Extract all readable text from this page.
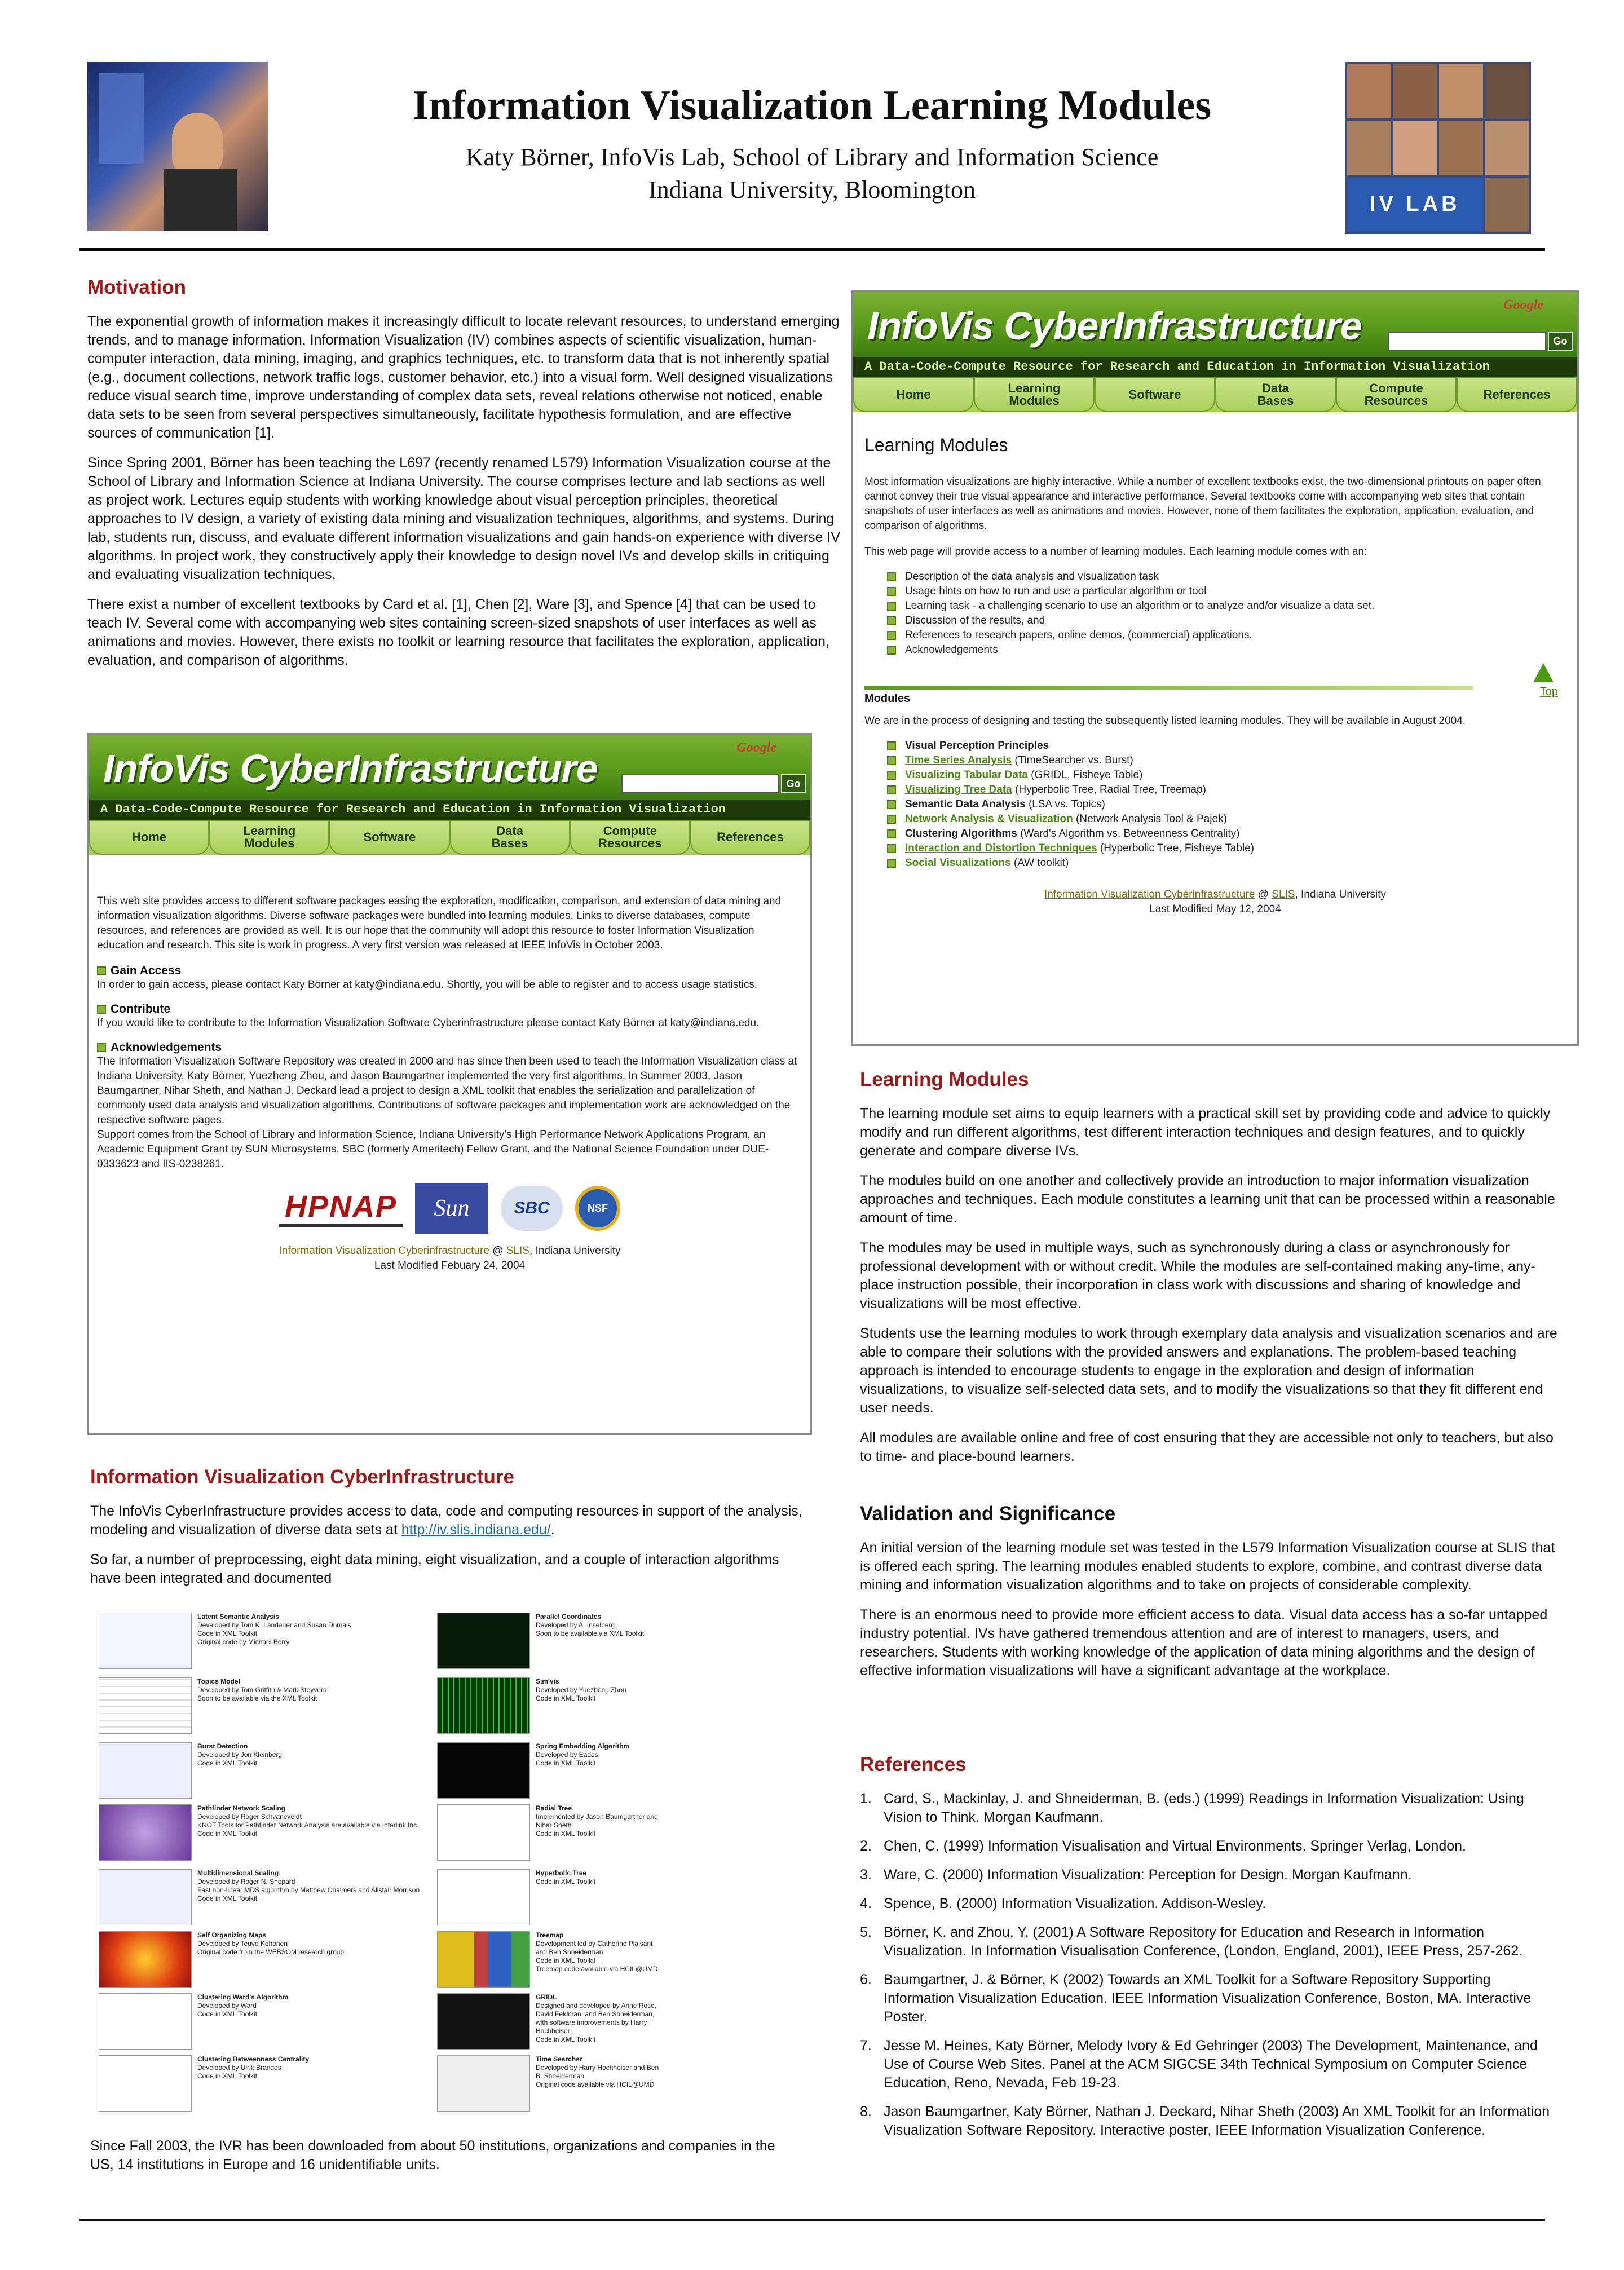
Information Visualization Learning Modules
Katy Börner, InfoVis Lab, School of Library and Information Science
Indiana University, Bloomington
IV LAB
Motivation

The exponential growth of information makes it increasingly difficult to locate relevant resources, to understand emerging trends, and to manage information. Information Visualization (IV) combines aspects of scientific visualization, human-computer interaction, data mining, imaging, and graphics techniques, etc. to transform data that is not inherently spatial (e.g., document collections, network traffic logs, customer behavior, etc.) into a visual form. Well designed visualizations reduce visual search time, improve understanding of complex data sets, reveal relations otherwise not noticed, enable data sets to be seen from several perspectives simultaneously, facilitate hypothesis formulation, and are effective sources of communication [1].

Since Spring 2001, Börner has been teaching the L697 (recently renamed L579) Information Visualization course at the School of Library and Information Science at Indiana University. The course comprises lecture and lab sections as well as project work. Lectures equip students with working knowledge about visual perception principles, theoretical approaches to IV design, a variety of existing data mining and visualization techniques, algorithms, and systems. During lab, students run, discuss, and evaluate different information visualizations and gain hands-on experience with diverse IV algorithms. In project work, they constructively apply their knowledge to design novel IVs and develop skills in critiquing and evaluating visualization techniques.

There exist a number of excellent textbooks by Card et al. [1], Chen [2], Ware [3], and Spence [4] that can be used to teach IV. Several come with accompanying web sites containing screen-sized snapshots of user interfaces as well as animations and movies. However, there exists no toolkit or learning resource that facilitates the exploration, application, evaluation, and comparison of algorithms.

InfoVis CyberInfrastructure	Google
Go
A Data-Code-Compute Resource for Research and Education in Information Visualization
Home	Learning
Modules	Software	Data
Bases
Compute
Resources	References
Learning Modules
Most information visualizations are highly interactive. While a number of excellent textbooks exist, the two-dimensional printouts on paper often cannot convey their true visual appearance and interactive performance. Several textbooks come with accompanying web sites that contain snapshots of user interfaces as well as animations and movies. However, none of them facilitates the exploration, application, evaluation, and comparison of algorithms.
This web page will provide access to a number of learning modules. Each learning module comes with an:
Description of the data analysis and visualization task
Usage hints on how to run and use a particular algorithm or tool
Learning task - a challenging scenario to use an algorithm or to analyze and/or visualize a data set.
Discussion of the results, and
References to research papers, online demos, (commercial) applications.
Acknowledgements
Top
Modules
We are in the process of designing and testing the subsequently listed learning modules. They will be available in August 2004.
Visual Perception Principles
Time Series Analysis (TimeSearcher vs. Burst)
Visualizing Tabular Data (GRIDL, Fisheye Table)
Visualizing Tree Data (Hyperbolic Tree, Radial Tree, Treemap)
Semantic Data Analysis (LSA vs. Topics)
Network Analysis & Visualization (Network Analysis Tool & Pajek)
Clustering Algorithms (Ward's Algorithm vs. Betweenness Centrality)
Interaction and Distortion Techniques (Hyperbolic Tree, Fisheye Table)
Social Visualizations (AW toolkit)
Information Visualization Cyberinfrastructure @ SLIS, Indiana University
Last Modified May 12, 2004
InfoVis CyberInfrastructure	Google
Go
A Data-Code-Compute Resource for Research and Education in Information Visualization
Home	Learning
Modules	Software	Data
Bases
Compute
Resources	References
This web site provides access to different software packages easing the exploration, modification, comparison, and extension of data mining and information visualization algorithms. Diverse software packages were bundled into learning modules. Links to diverse databases, compute resources, and references are provided as well. It is our hope that the community will adopt this resource to foster Information Visualization education and research. This site is work in progress. A very first version was released at IEEE InfoVis in October 2003.
Gain Access
In order to gain access, please contact Katy Börner at katy@indiana.edu. Shortly, you will be able to register and to access usage statistics.
Contribute
If you would like to contribute to the Information Visualization Software Cyberinfrastructure please contact Katy Börner at katy@indiana.edu.
Acknowledgements
The Information Visualization Software Repository was created in 2000 and has since then been used to teach the Information Visualization class at Indiana University. Katy Börner, Yuezheng Zhou, and Jason Baumgartner implemented the very first algorithms. In Summer 2003, Jason Baumgartner, Nihar Sheth, and Nathan J. Deckard lead a project to design a XML toolkit that enables the serialization and parallelization of commonly used data analysis and visualization algorithms. Contributions of software packages and implementation work are acknowledged on the respective software pages.
Support comes from the School of Library and Information Science, Indiana University's High Performance Network Applications Program, an Academic Equipment Grant by SUN Microsystems, SBC (formerly Ameritech) Fellow Grant, and the National Science Foundation under DUE-0333623 and IIS-0238261.
HPNAP	Sun	SBC	NSF
Information Visualization Cyberinfrastructure @ SLIS, Indiana University
Last Modified Febuary 24, 2004
Learning Modules

The learning module set aims to equip learners with a practical skill set by providing code and advice to quickly modify and run different algorithms, test different interaction techniques and design features, and to quickly generate and compare diverse IVs.

The modules build on one another and collectively provide an introduction to major information visualization approaches and techniques. Each module constitutes a learning unit that can be processed within a reasonable amount of time.

The modules may be used in multiple ways, such as synchronously during a class or asynchronously for professional development with or without credit. While the modules are self-contained making any-time, any-place instruction possible, their incorporation in class work with discussions and sharing of knowledge and visualizations will be most effective.

Students use the learning modules to work through exemplary data analysis and visualization scenarios and are able to compare their solutions with the provided answers and explanations. The problem-based teaching approach is intended to encourage students to engage in the exploration and design of information visualizations, to visualize self-selected data sets, and to modify the visualizations so that they fit different end user needs.

All modules are available online and free of cost ensuring that they are accessible not only to teachers, but also to time- and place-bound learners.

Information Visualization CyberInfrastructure

The InfoVis CyberInfrastructure provides access to data, code and computing resources in support of the analysis, modeling and visualization of diverse data sets at http://iv.slis.indiana.edu/.

So far, a number of preprocessing, eight data mining, eight visualization, and a couple of interaction algorithms have been integrated and documented

Latent Semantic Analysis
Developed by Tom K. Landauer and Susan Dumais
Code in XML Toolkit
Original code by Michael Berry
Topics Model
Developed by Tom Griffith & Mark Steyvers
Soon to be available via the XML Toolkit
Burst Detection
Developed by Jon Kleinberg
Code in XML Toolkit
Pathfinder Network Scaling
Developed by Roger Schvaneveldt
KNOT Tools for Pathfinder Network Analysis are available via Interlink Inc.
Code in XML Toolkit
Multidimensional Scaling
Developed by Roger N. Shepard
Fast non-linear MDS algorithm by Matthew Chalmers and Alistair Morrison
Code in XML Toolkit
Self Organizing Maps
Developed by Teuvo Kohonen
Original code from the WEBSOM research group
Clustering Ward's Algorithm
Developed by Ward
Code in XML Toolkit
Clustering Betweenness Centrality
Developed by Ulrik Brandes
Code in XML Toolkit
Parallel Coordinates
Developed by A. Inselberg
Soon to be available via XML Toolkit
Sim'vis
Developed by Yuezheng Zhou
Code in XML Toolkit
Spring Embedding Algorithm
Developed by Eades
Code in XML Toolkit
Radial Tree
Implemented by Jason Baumgartner and Nihar Sheth
Code in XML Toolkit
Hyperbolic Tree
Code in XML Toolkit
Treemap
Development led by Catherine Plaisant and Ben Shneiderman
Code in XML Toolkit
Treemap code available via HCIL@UMD
GRIDL
Designed and developed by Anne Rose, David Feldman, and Ben Shneiderman, with software improvements by Harry Hochheiser
Code in XML Toolkit
Time Searcher
Developed by Harry Hochheiser and Ben B. Shneiderman
Original code available via HCIL@UMD

Since Fall 2003, the IVR has been downloaded from about 50 institutions, organizations and companies in the US, 14 institutions in Europe and 16 unidentifiable units.

Validation and Significance

An initial version of the learning module set was tested in the L579 Information Visualization course at SLIS that is offered each spring. The learning modules enabled students to explore, combine, and contrast diverse data mining and information visualization algorithms and to take on projects of considerable complexity.

There is an enormous need to provide more efficient access to data. Visual data access has a so-far untapped industry potential. IVs have gathered tremendous attention and are of interest to managers, users, and researchers. Students with working knowledge of the application of data mining algorithms and the design of effective information visualizations will have a significant advantage at the workplace.

References
1. Card, S., Mackinlay, J. and Shneiderman, B. (eds.) (1999) Readings in Information Visualization: Using Vision to Think. Morgan Kaufmann.
2. Chen, C. (1999) Information Visualisation and Virtual Environments. Springer Verlag, London.
3. Ware, C. (2000) Information Visualization: Perception for Design. Morgan Kaufmann.
4. Spence, B. (2000) Information Visualization. Addison-Wesley.
5. Börner, K. and Zhou, Y. (2001) A Software Repository for Education and Research in Information Visualization. In Information Visualisation Conference, (London, England, 2001), IEEE Press, 257-262.
6. Baumgartner, J. & Börner, K (2002) Towards an XML Toolkit for a Software Repository Supporting Information Visualization Education. IEEE Information Visualization Conference, Boston, MA. Interactive Poster.
7. Jesse M. Heines, Katy Börner, Melody Ivory & Ed Gehringer (2003) The Development, Maintenance, and Use of Course Web Sites. Panel at the ACM SIGCSE 34th Technical Symposium on Computer Science Education, Reno, Nevada, Feb 19-23.
8. Jason Baumgartner, Katy Börner, Nathan J. Deckard, Nihar Sheth (2003) An XML Toolkit for an Information Visualization Software Repository. Interactive poster, IEEE Information Visualization Conference.
